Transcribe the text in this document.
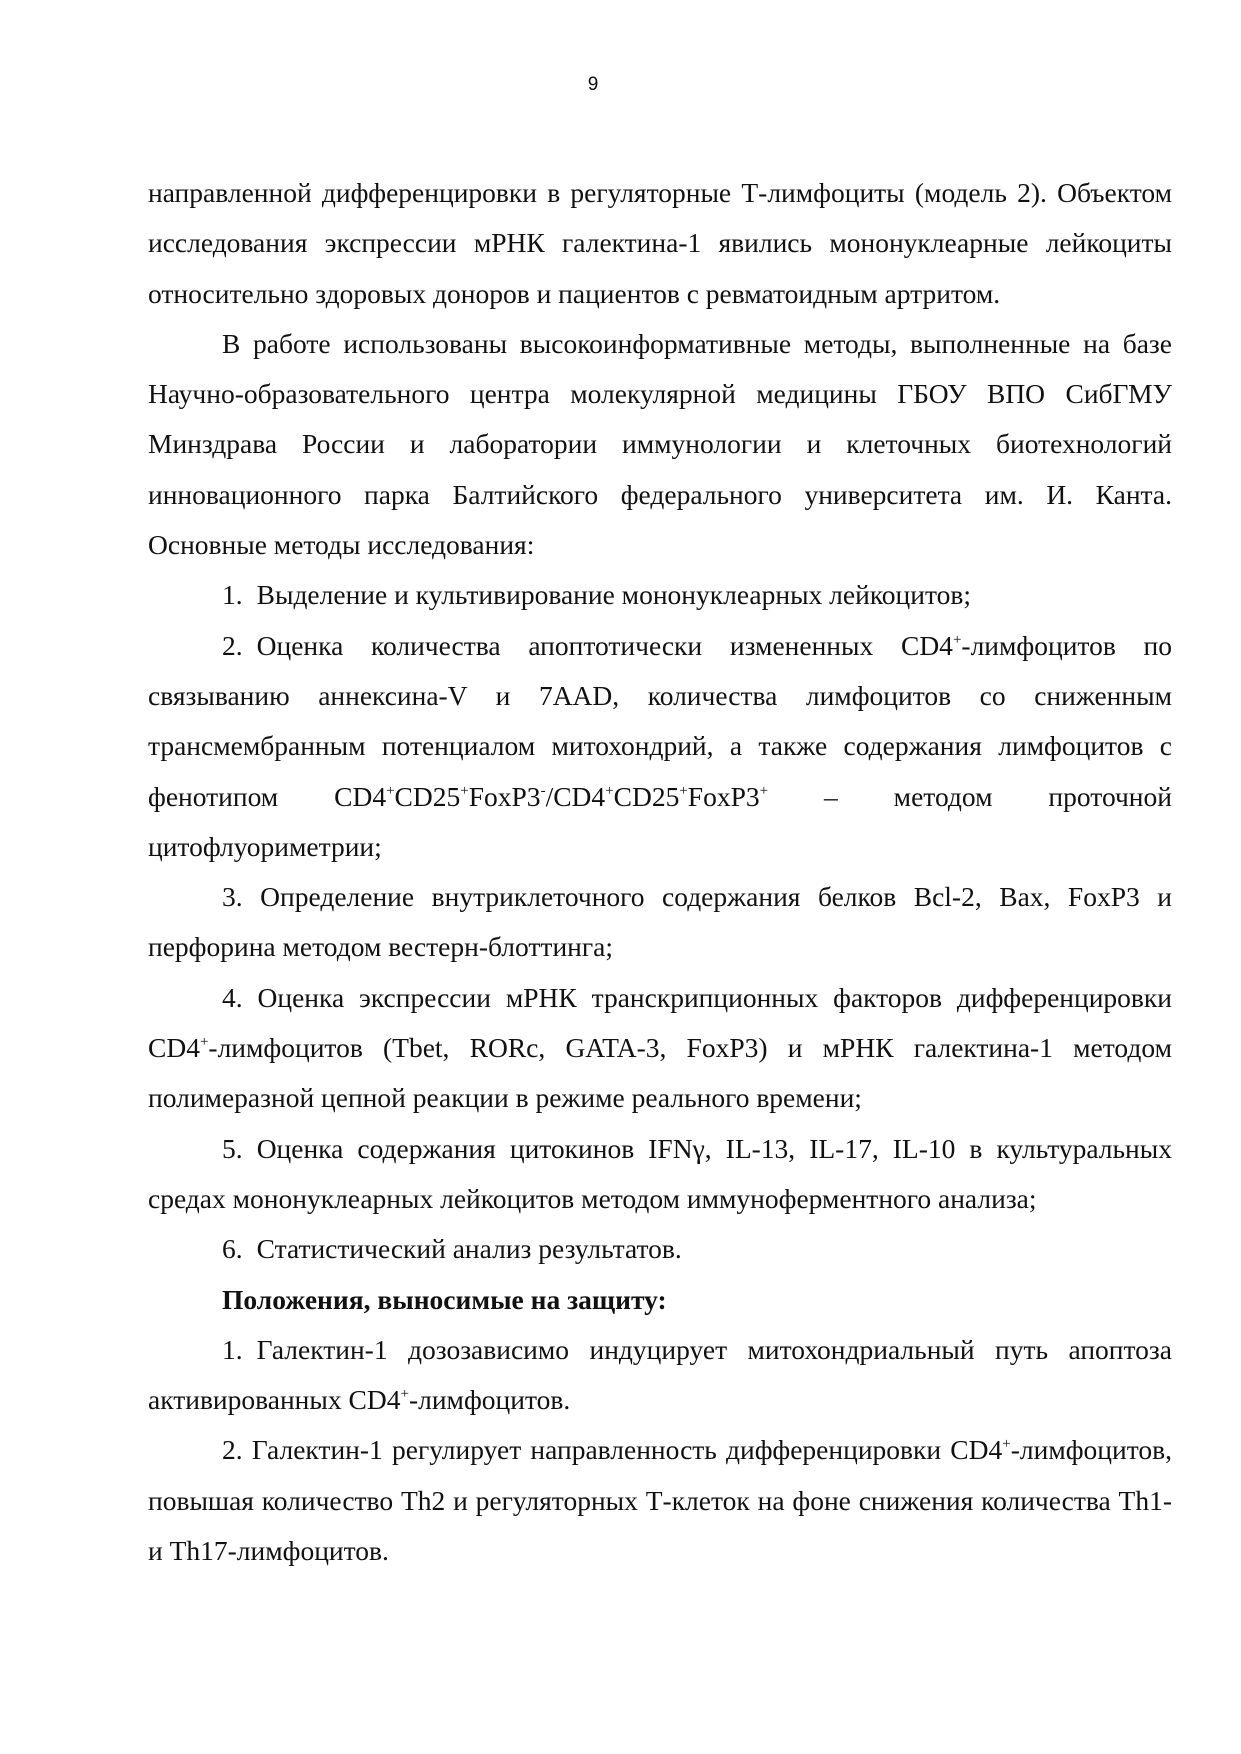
9

направленной дифференцировки в регуляторные Т-лимфоциты (модель 2). Объектом исследования экспрессии мРНК галектина-1 явились мононуклеарные лейкоциты относительно здоровых доноров и пациентов с ревматоидным артритом.

В работе использованы высокоинформативные методы, выполненные на базе Научно-образовательного центра молекулярной медицины ГБОУ ВПО СибГМУ Минздрава России и лаборатории иммунологии и клеточных биотехнологий инновационного парка Балтийского федерального университета им. И. Канта. Основные методы исследования:

1. Выделение и культивирование мононуклеарных лейкоцитов;

2. Оценка количества апоптотически измененных CD4+-лимфоцитов по связыванию аннексина-V и 7AAD, количества лимфоцитов со сниженным трансмембранным потенциалом митохондрий, а также содержания лимфоцитов с фенотипом CD4+CD25+FoxP3-/CD4+CD25+FoxP3+ – методом проточной цитофлуориметрии;

3. Определение внутриклеточного содержания белков Bcl-2, Bax, FoxP3 и перфорина методом вестерн-блоттинга;

4. Оценка экспрессии мРНК транскрипционных факторов дифференцировки CD4+-лимфоцитов (Tbet, RORc, GATA-3, FoxP3) и мРНК галектина-1 методом полимеразной цепной реакции в режиме реального времени;

5. Оценка содержания цитокинов IFNγ, IL-13, IL-17, IL-10 в культуральных средах мононуклеарных лейкоцитов методом иммуноферментного анализа;

6. Статистический анализ результатов.

Положения, выносимые на защиту:

1. Галектин-1 дозозависимо индуцирует митохондриальный путь апоптоза активированных CD4+-лимфоцитов.

2. Галектин-1 регулирует направленность дифференцировки CD4+-лимфоцитов, повышая количество Th2 и регуляторных Т-клеток на фоне снижения количества Th1- и Th17-лимфоцитов.
